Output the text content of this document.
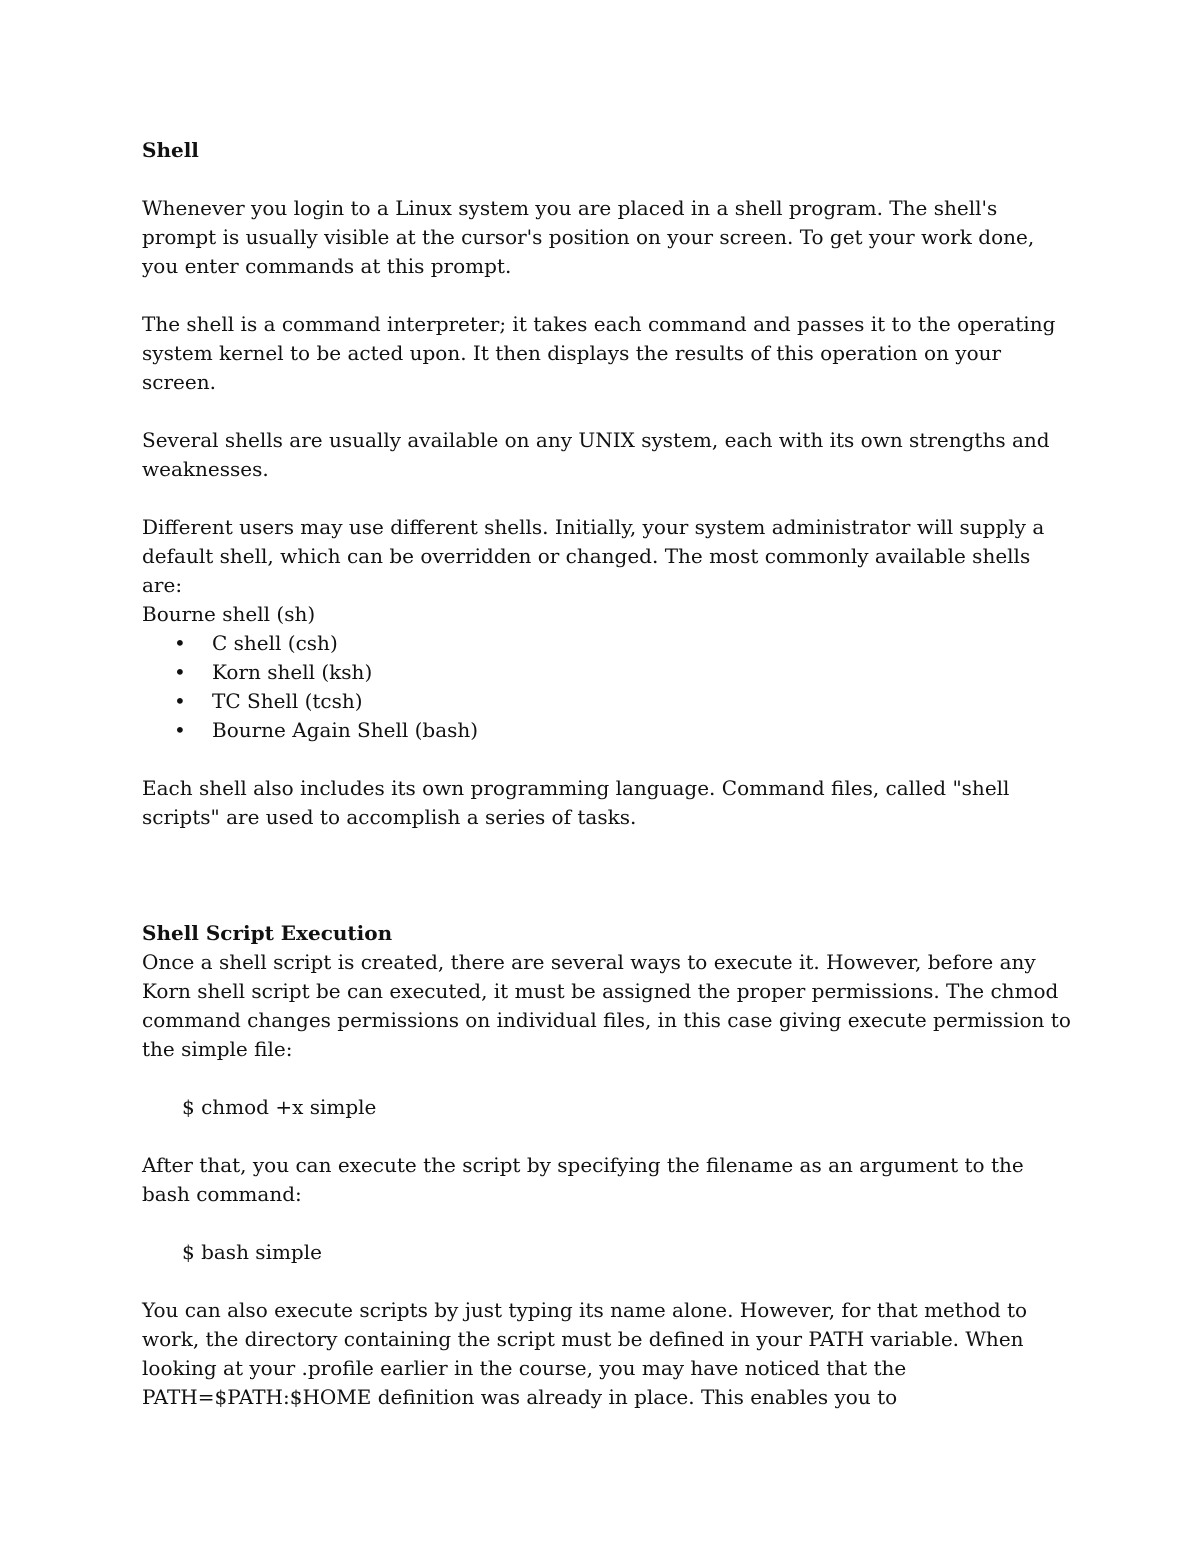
Shell

Whenever you login to a Linux system you are placed in a shell program. The shell's prompt is usually visible at the cursor's position on your screen. To get your work done, you enter commands at this prompt.

The shell is a command interpreter; it takes each command and passes it to the operating system kernel to be acted upon. It then displays the results of this operation on your screen.

Several shells are usually available on any UNIX system, each with its own strengths and weaknesses.

Different users may use different shells. Initially, your system administrator will supply a default shell, which can be overridden or changed. The most commonly available shells are:

Bourne shell (sh)

• C shell (csh)
• Korn shell (ksh)
• TC Shell (tcsh)
• Bourne Again Shell (bash)

Each shell also includes its own programming language. Command files, called "shell scripts" are used to accomplish a series of tasks.

Shell Script Execution

Once a shell script is created, there are several ways to execute it. However, before any Korn shell script be can executed, it must be assigned the proper permissions. The chmod command changes permissions on individual files, in this case giving execute permission to the simple file:

$ chmod +x simple

After that, you can execute the script by specifying the filename as an argument to the bash command:

$ bash simple

You can also execute scripts by just typing its name alone. However, for that method to work, the directory containing the script must be defined in your PATH variable. When looking at your .profile earlier in the course, you may have noticed that the PATH=$PATH:$HOME definition was already in place. This enables you to
